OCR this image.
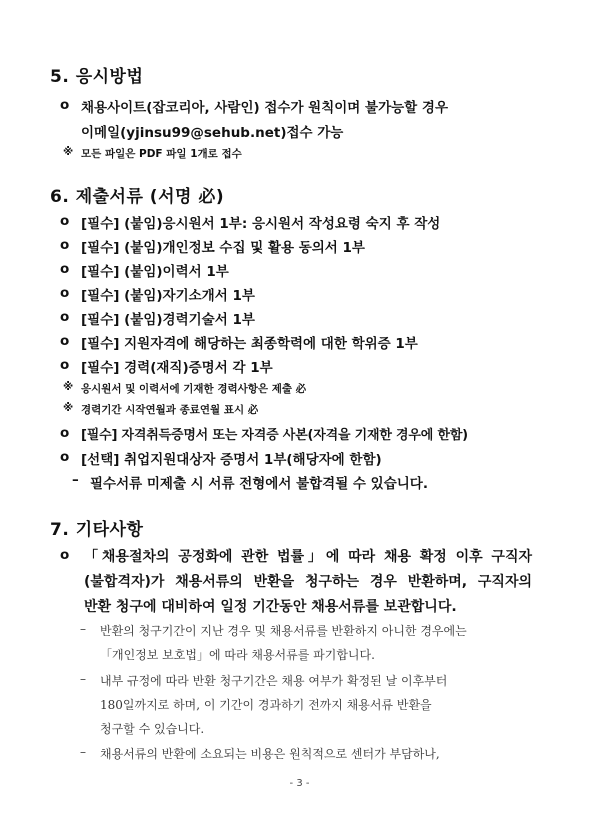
5. 응시방법
o 채용사이트(잡코리아, 사람인) 접수가 원칙이며 불가능할 경우
이메일(yjinsu99@sehub.net)접수 가능
※ 모든 파일은 PDF 파일 1개로 접수
6. 제출서류 (서명 必)
o [필수] (붙임)응시원서 1부: 응시원서 작성요령 숙지 후 작성
o [필수] (붙임)개인정보 수집 및 활용 동의서 1부
o [필수] (붙임)이력서 1부
o [필수] (붙임)자기소개서 1부
o [필수] (붙임)경력기술서 1부
o [필수] 지원자격에 해당하는 최종학력에 대한 학위증 1부
o [필수] 경력(재직)증명서 각 1부
※ 응시원서 및 이력서에 기재한 경력사항은 제출 必
※ 경력기간 시작연월과 종료연월 표시 必
o [필수] 자격취득증명서 또는 자격증 사본(자격을 기재한 경우에 한함)
o [선택] 취업지원대상자 증명서 1부(해당자에 한함)
– 필수서류 미제출 시 서류 전형에서 불합격될 수 있습니다.
7. 기타사항
o 「채용절차의 공정화에 관한 법률」에 따라 채용 확정 이후 구직자
(불합격자)가 채용서류의 반환을 청구하는 경우 반환하며, 구직자의
반환 청구에 대비하여 일정 기간동안 채용서류를 보관합니다.
– 반환의 청구기간이 지난 경우 및 채용서류를 반환하지 아니한 경우에는
「개인정보 보호법」에 따라 채용서류를 파기합니다.
– 내부 규정에 따라 반환 청구기간은 채용 여부가 확정된 날 이후부터
180일까지로 하며, 이 기간이 경과하기 전까지 채용서류 반환을
청구할 수 있습니다.
– 채용서류의 반환에 소요되는 비용은 원칙적으로 센터가 부담하나,
- 3 -
